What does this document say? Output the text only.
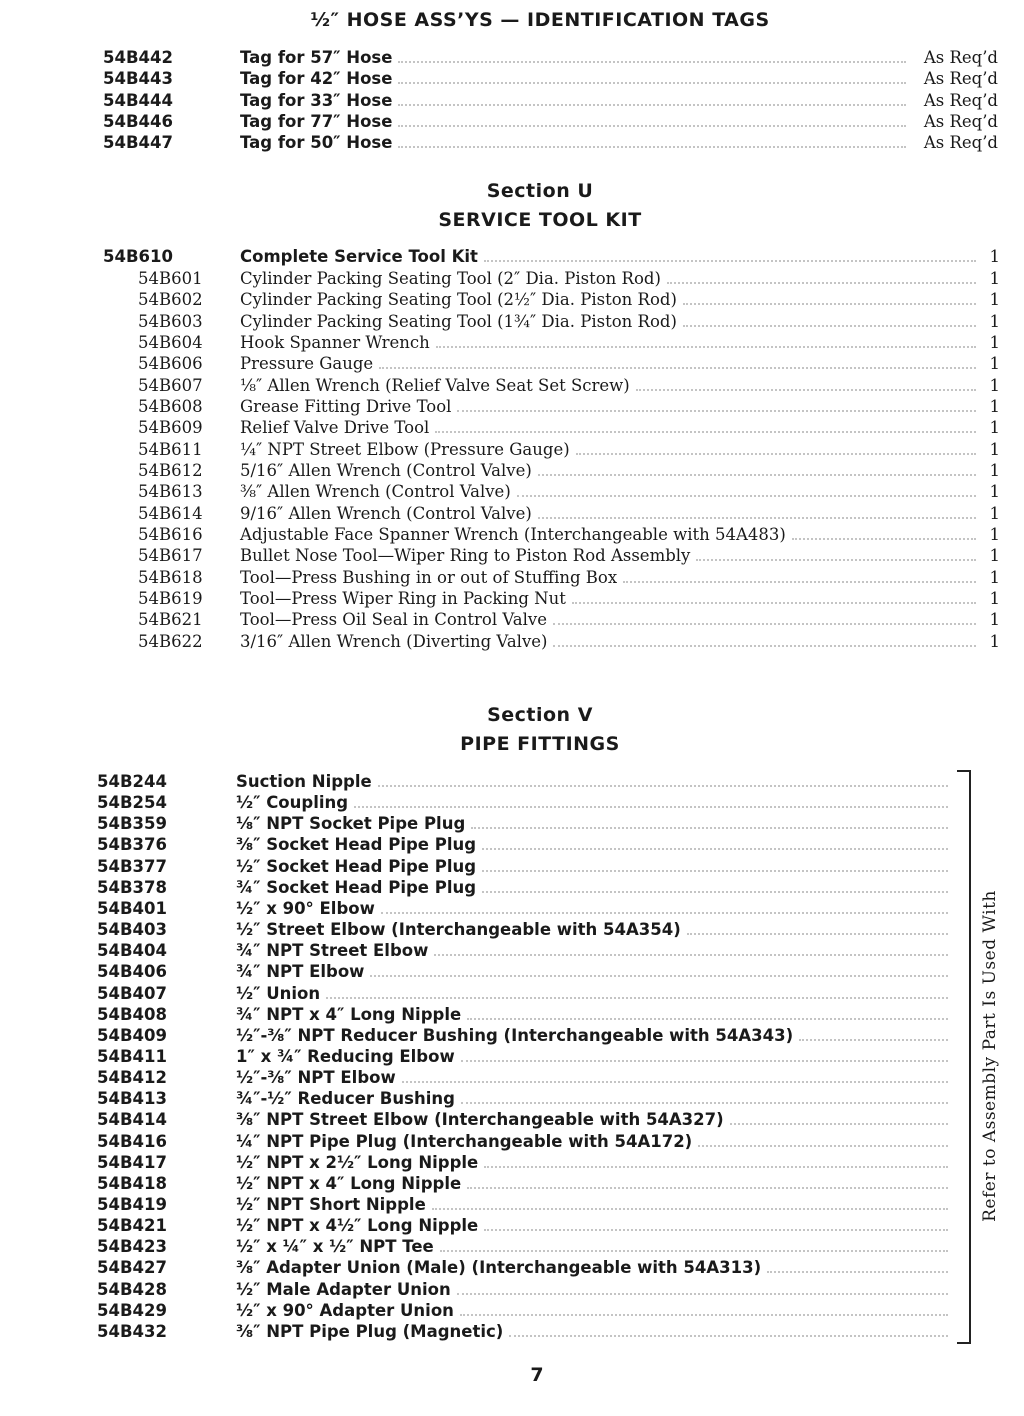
½″ HOSE ASS’YS — IDENTIFICATION TAGS
54B442	Tag for 57″ Hose	As Req’d
54B443	Tag for 42″ Hose	As Req’d
54B444	Tag for 33″ Hose	As Req’d
54B446	Tag for 77″ Hose	As Req’d
54B447	Tag for 50″ Hose	As Req’d
Section U
SERVICE TOOL KIT
54B610	Complete Service Tool Kit	1
54B601 Cylinder Packing Seating Tool (2″ Dia. Piston Rod)	1
54B602 Cylinder Packing Seating Tool (2½″ Dia. Piston Rod)	1
54B603 Cylinder Packing Seating Tool (1¾″ Dia. Piston Rod)	1
54B604 Hook Spanner Wrench	1
54B606 Pressure Gauge	1
54B607 ⅛″ Allen Wrench (Relief Valve Seat Set Screw)	1
54B608 Grease Fitting Drive Tool	1
54B609 Relief Valve Drive Tool	1
54B611 ¼″ NPT Street Elbow (Pressure Gauge)	1
54B612 5/16″ Allen Wrench (Control Valve)	1
54B613 ⅜″ Allen Wrench (Control Valve)	1
54B614 9/16″ Allen Wrench (Control Valve)	1
54B616 Adjustable Face Spanner Wrench (Interchangeable with 54A483)	1
54B617 Bullet Nose Tool—Wiper Ring to Piston Rod Assembly	1
54B618 Tool—Press Bushing in or out of Stuffing Box	1
54B619 Tool—Press Wiper Ring in Packing Nut	1
54B621 Tool—Press Oil Seal in Control Valve	1
54B622 3/16″ Allen Wrench (Diverting Valve)	1
Section V
PIPE FITTINGS
54B244	Suction Nipple
54B254	½″ Coupling
54B359	⅛″ NPT Socket Pipe Plug
54B376	⅜″ Socket Head Pipe Plug
54B377	½″ Socket Head Pipe Plug
54B378	¾″ Socket Head Pipe Plug
54B401	½″ x 90° Elbow
54B403	½″ Street Elbow (Interchangeable with 54A354)
54B404	¾″ NPT Street Elbow
54B406	¾″ NPT Elbow
54B407	½″ Union
54B408	¾″ NPT x 4″ Long Nipple
54B409	½″-⅜″ NPT Reducer Bushing (Interchangeable with 54A343)
54B411	1″ x ¾″ Reducing Elbow
54B412	½″-⅜″ NPT Elbow
54B413	¾″-½″ Reducer Bushing
54B414	⅜″ NPT Street Elbow (Interchangeable with 54A327)
54B416	¼″ NPT Pipe Plug (Interchangeable with 54A172)
54B417	½″ NPT x 2½″ Long Nipple
54B418	½″ NPT x 4″ Long Nipple
54B419	½″ NPT Short Nipple
54B421	½″ NPT x 4½″ Long Nipple
54B423	½″ x ¼″ x ½″ NPT Tee
54B427	⅜″ Adapter Union (Male) (Interchangeable with 54A313)
54B428	½″ Male Adapter Union
54B429	½″ x 90° Adapter Union
54B432	⅜″ NPT Pipe Plug (Magnetic)
Refer to Assembly Part Is Used With
7
